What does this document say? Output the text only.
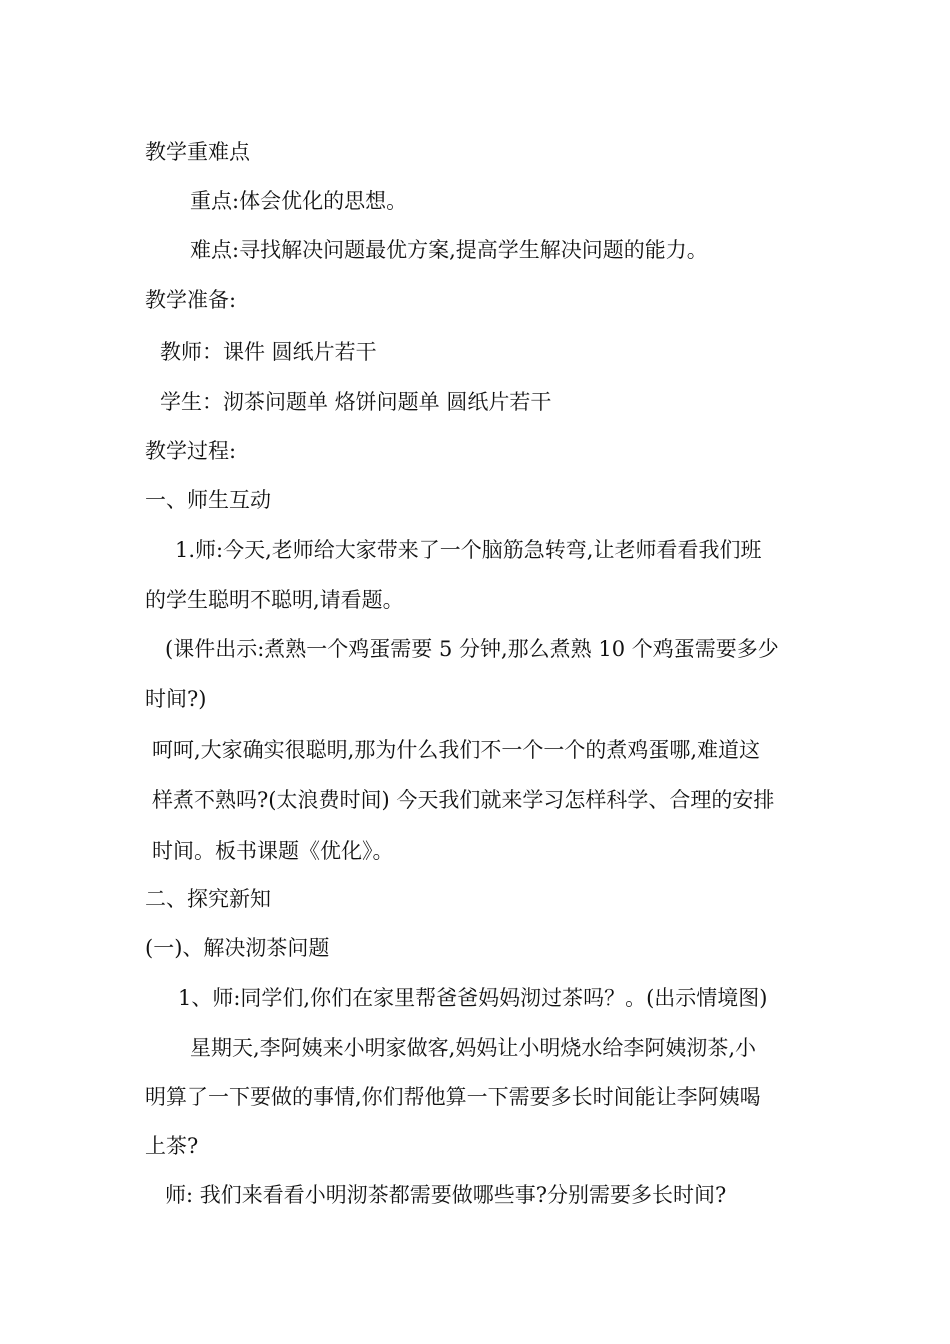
教学重难点
重点:体会优化的思想。
难点:寻找解决问题最优方案,提高学生解决问题的能力。
教学准备:
教师：课件 圆纸片若干
学生：沏茶问题单 烙饼问题单 圆纸片若干
教学过程:
一、师生互动
1.师:今天,老师给大家带来了一个脑筋急转弯,让老师看看我们班
的学生聪明不聪明,请看题。
(课件出示:煮熟一个鸡蛋需要 5 分钟,那么煮熟 10 个鸡蛋需要多少
时间?)
呵呵,大家确实很聪明,那为什么我们不一个一个的煮鸡蛋哪,难道这
样煮不熟吗?(太浪费时间) 今天我们就来学习怎样科学、合理的安排
时间。板书课题《优化》。
二、探究新知
(一)、解决沏茶问题
1、师:同学们,你们在家里帮爸爸妈妈沏过茶吗？。(出示情境图)
星期天,李阿姨来小明家做客,妈妈让小明烧水给李阿姨沏茶,小
明算了一下要做的事情,你们帮他算一下需要多长时间能让李阿姨喝
上茶?
师: 我们来看看小明沏茶都需要做哪些事?分别需要多长时间?
